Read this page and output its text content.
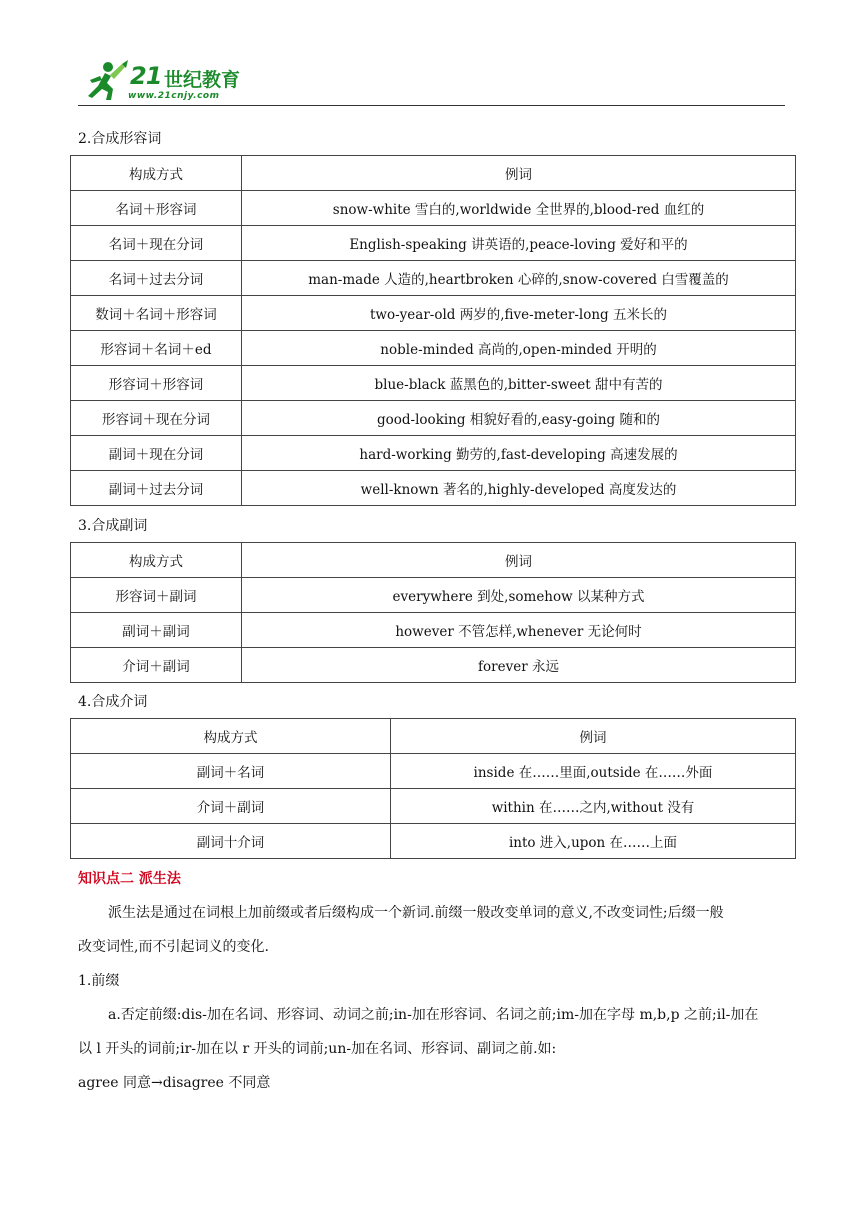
21 世纪教育
www.21cnjy.com
2.合成形容词
构成方式	例词
名词＋形容词	snow-white 雪白的,worldwide 全世界的,blood-red 血红的
名词＋现在分词	English-speaking 讲英语的,peace-loving 爱好和平的
名词＋过去分词	man-made 人造的,heartbroken 心碎的,snow-covered 白雪覆盖的
数词＋名词＋形容词	two-year-old 两岁的,five-meter-long 五米长的
形容词＋名词＋ed	noble-minded 高尚的,open-minded 开明的
形容词＋形容词	blue-black 蓝黑色的,bitter-sweet 甜中有苦的
形容词＋现在分词	good-looking 相貌好看的,easy-going 随和的
副词＋现在分词	hard-working 勤劳的,fast-developing 高速发展的
副词＋过去分词	well-known 著名的,highly-developed 高度发达的
3.合成副词
构成方式	例词
形容词＋副词	everywhere 到处,somehow 以某种方式
副词＋副词	however 不管怎样,whenever 无论何时
介词＋副词	forever 永远
4.合成介词
构成方式	例词
副词＋名词	inside 在……里面,outside 在……外面
介词＋副词	within 在……之内,without 没有
副词十介词	into 进入,upon 在……上面
知识点二 派生法
派生法是通过在词根上加前缀或者后缀构成一个新词.前缀一般改变单词的意义,不改变词性;后缀一般
改变词性,而不引起词义的变化.
1.前缀
a.否定前缀:dis-加在名词、形容词、动词之前;in-加在形容词、名词之前;im-加在字母 m,b,p 之前;il-加在
以 l 开头的词前;ir-加在以 r 开头的词前;un-加在名词、形容词、副词之前.如:
agree 同意→disagree 不同意
